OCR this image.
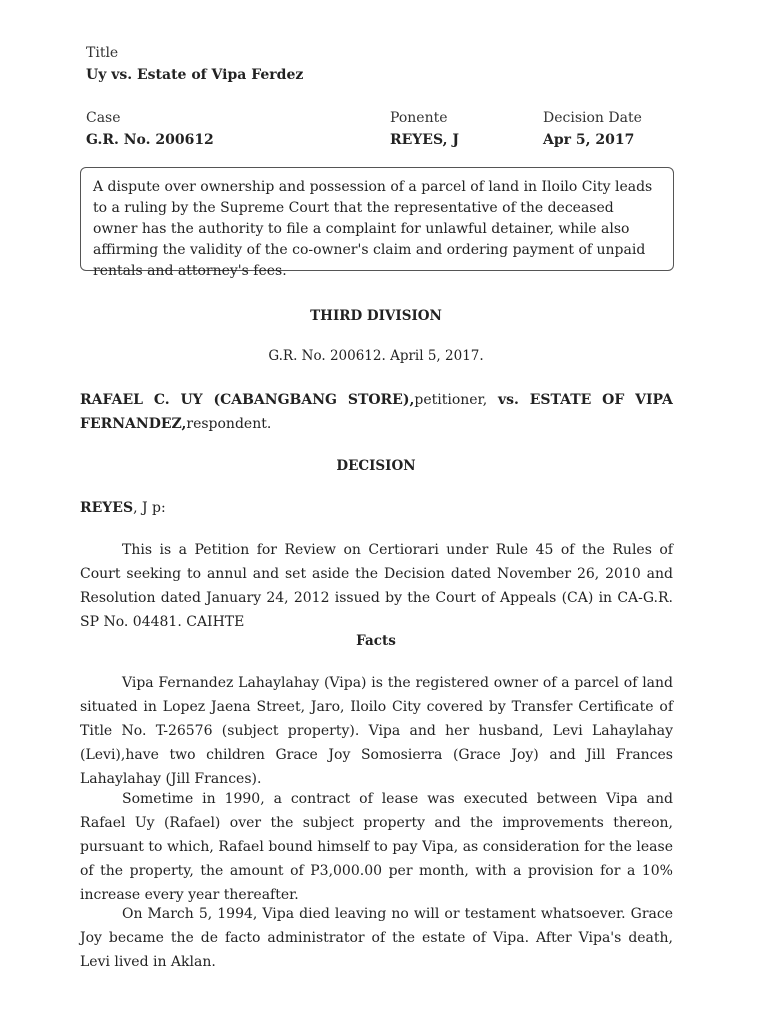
Title
Uy vs. Estate of Vipa Ferdez
Case
G.R. No. 200612
Ponente
REYES, J
Decision Date
Apr 5, 2017
A dispute over ownership and possession of a parcel of land in Iloilo City leads to a ruling by the Supreme Court that the representative of the deceased owner has the authority to file a complaint for unlawful detainer, while also affirming the validity of the co-owner's claim and ordering payment of unpaid rentals and attorney's fees.
THIRD DIVISION
G.R. No. 200612. April 5, 2017.
RAFAEL C. UY (CABANGBANG STORE),petitioner, vs. ESTATE OF VIPA
FERNANDEZ,respondent.
DECISION
REYES, J p:
This is a Petition for Review on Certiorari under Rule 45 of the Rules of Court seeking to annul and set aside the Decision dated November 26, 2010 and Resolution dated January 24, 2012 issued by the Court of Appeals (CA) in CA-G.R. SP No. 04481. CAIHTE
Facts
Vipa Fernandez Lahaylahay (Vipa) is the registered owner of a parcel of land situated in Lopez Jaena Street, Jaro, Iloilo City covered by Transfer Certificate of Title No. T-26576 (subject property). Vipa and her husband, Levi Lahaylahay (Levi),have two children Grace Joy Somosierra (Grace Joy) and Jill Frances Lahaylahay (Jill Frances).
Sometime in 1990, a contract of lease was executed between Vipa and Rafael Uy (Rafael) over the subject property and the improvements thereon, pursuant to which, Rafael bound himself to pay Vipa, as consideration for the lease of the property, the amount of P3,000.00 per month, with a provision for a 10% increase every year thereafter.
On March 5, 1994, Vipa died leaving no will or testament whatsoever. Grace Joy became the de facto administrator of the estate of Vipa. After Vipa's death, Levi lived in Aklan.
